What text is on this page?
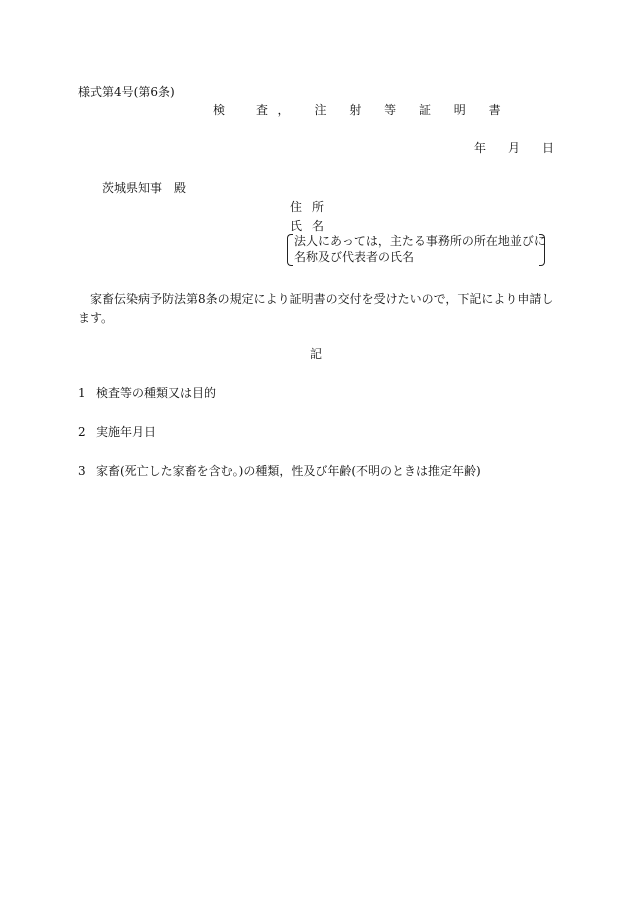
様式第4号(第6条)
検　査，　注 射 等 証 明 書
年 月 日
茨城県知事 殿
住 所
氏 名
法人にあっては，主たる事務所の所在地並びに
名称及び代表者の氏名
家畜伝染病予防法第8条の規定により証明書の交付を受けたいので，下記により申請します。
記
1 検査等の種類又は目的
2 実施年月日
3 家畜(死亡した家畜を含む。)の種類，性及び年齢(不明のときは推定年齢)
